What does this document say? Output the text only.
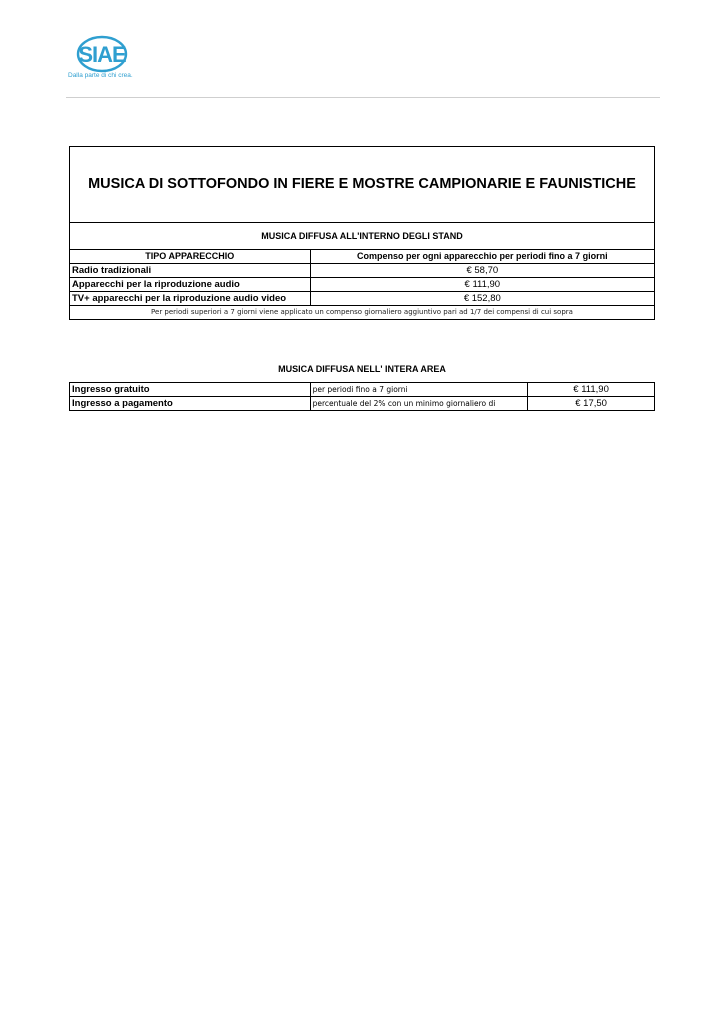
SIAE
Dalla parte di chi crea.
MUSICA DI SOTTOFONDO IN FIERE E MOSTRE CAMPIONARIE E FAUNISTICHE	
MUSICA DIFFUSA ALL'INTERNO DEGLI STAND	
TIPO APPARECCHIO	Compenso per ogni apparecchio per periodi fino a 7 giorni
Radio tradizionali	€ 58,70
Apparecchi per la riproduzione audio	€ 111,90
TV+ apparecchi per la riproduzione audio video	€ 152,80
Per periodi superiori a 7 giorni viene applicato un compenso giornaliero aggiuntivo pari ad 1/7 dei compensi di cui sopra	
MUSICA DIFFUSA NELL' INTERA AREA
Ingresso gratuito	per periodi fino a 7 giorni	€ 111,90
Ingresso a pagamento	percentuale del 2% con un minimo giornaliero di	€ 17,50
